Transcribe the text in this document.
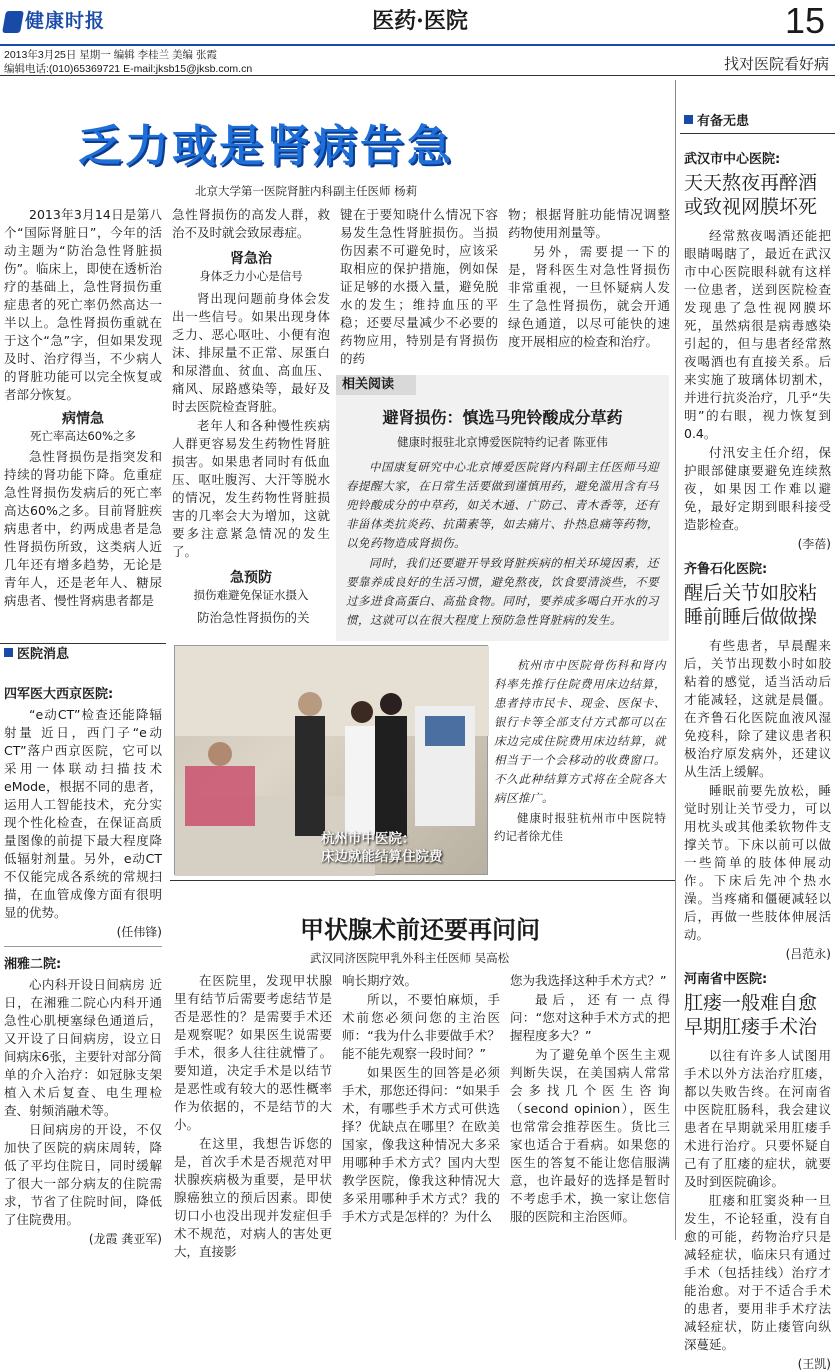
健康时报	医药·医院	15
2013年3月25日 星期一 编辑 李桂兰 美编 张霞
编辑电话:(010)65369721 E-mail:jksb15@jksb.com.cn	找对医院看好病
乏力或是肾病告急
北京大学第一医院肾脏内科副主任医师 杨莉

2013年3月14日是第八个“国际肾脏日”，今年的活动主题为“防治急性肾脏损伤”。临床上，即使在透析治疗的基础上，急性肾损伤重症患者的死亡率仍然高达一半以上。急性肾损伤重就在于这个“急”字，但如果发现及时、治疗得当，不少病人的肾脏功能可以完全恢复或者部分恢复。

病情急
死亡率高达60%之多

急性肾损伤是指突发和持续的肾功能下降。危重症急性肾损伤发病后的死亡率高达60%之多。目前肾脏疾病患者中，约两成患者是急性肾损伤所致，这类病人近几年还有增多趋势，无论是青年人，还是老年人、糖尿病患者、慢性肾病患者都是

急性肾损伤的高发人群，救治不及时就会致尿毒症。

肾急治
身体乏力小心是信号

肾出现问题前身体会发出一些信号。如果出现身体乏力、恶心呕吐、小便有泡沫、排尿量不正常、尿蛋白和尿潜血、贫血、高血压、痛风、尿路感染等，最好及时去医院检查肾脏。

老年人和各种慢性疾病人群更容易发生药物性肾脏损害。如果患者同时有低血压、呕吐腹泻、大汗等脱水的情况，发生药物性肾脏损害的几率会大为增加，这就要多注意紧急情况的发生了。

急预防
损伤难避免保证水摄入

防治急性肾损伤的关

键在于要知晓什么情况下容易发生急性肾脏损伤。当损伤因素不可避免时，应该采取相应的保护措施，例如保证足够的水摄入量，避免脱水的发生；维持血压的平稳；还要尽量减少不必要的药物应用，特别是有肾损伤的药

物；根据肾脏功能情况调整药物使用剂量等。

另外，需要提一下的是，肾科医生对急性肾损伤非常重视，一旦怀疑病人发生了急性肾损伤，就会开通绿色通道，以尽可能快的速度开展相应的检查和治疗。

相关阅读
避肾损伤：慎选马兜铃酸成分草药
健康时报驻北京博爱医院特约记者 陈亚伟

中国康复研究中心北京博爱医院肾内科副主任医师马迎春提醒大家，在日常生活要做到谨慎用药，避免滥用含有马兜铃酸成分的中草药，如关木通、广防己、青木香等，还有非甾体类抗炎药、抗菌素等，如去痛片、扑热息痛等药物，以免药物造成肾损伤。

同时，我们还要避开导致肾脏疾病的相关环境因素，还要靠养成良好的生活习惯，避免熬夜，饮食要清淡些，不要过多进食高蛋白、高盐食物。同时，要养成多喝白开水的习惯，这就可以在很大程度上预防急性肾脏病的发生。

医院消息
四军医大西京医院:

“e动CT”检查还能降辐射量 近日，西门子“e动CT”落户西京医院，它可以采用一体联动扫描技术eMode，根据不同的患者，运用人工智能技术，充分实现个性化检查，在保证高质量图像的前提下最大程度降低辐射剂量。另外，e动CT不仅能完成各系统的常规扫描，在血管成像方面有很明显的优势。

(任伟锋)
湘雅二院:

心内科开设日间病房 近日，在湘雅二院心内科开通急性心肌梗塞绿色通道后，又开设了日间病房，设立日间病床6张，主要针对部分简单的介入治疗：如冠脉支架植入术后复查、电生理检查、射频消融术等。

日间病房的开设，不仅加快了医院的病床周转，降低了平均住院日，同时缓解了很大一部分病友的住院需求，节省了住院时间，降低了住院费用。

(龙霞 龚亚军)
杭州市中医院：
床边就能结算住院费

杭州市中医院骨伤科和肾内科率先推行住院费用床边结算，患者持市民卡、现金、医保卡、银行卡等全部支付方式都可以在床边完成住院费用床边结算，就相当于一个会移动的收费窗口。不久此种结算方式将在全院各大病区推广。

健康时报驻杭州市中医院特约记者徐尤佳

甲状腺术前还要再问问
武汉同济医院甲乳外科主任医师 吴高松

在医院里，发现甲状腺里有结节后需要考虑结节是否是恶性的？是需要手术还是观察呢？如果医生说需要手术，很多人往往就懵了。要知道，决定手术是以结节是恶性或有较大的恶性概率作为依据的，不是结节的大小。

在这里，我想告诉您的是，首次手术是否规范对甲状腺疾病极为重要，是甲状腺癌独立的预后因素。即使切口小也没出现并发症但手术不规范，对病人的害处更大，直接影

响长期疗效。

所以，不要怕麻烦，手术前您必须问您的主治医师：“我为什么非要做手术？能不能先观察一段时间？”

如果医生的回答是必须手术，那您还得问：“如果手术，有哪些手术方式可供选择？优缺点在哪里？在欧美国家，像我这种情况大多采用哪种手术方式？国内大型教学医院，像我这种情况大多采用哪种手术方式？我的手术方式是怎样的？为什么

您为我选择这种手术方式？”

最后，还有一点得问：“您对这种手术方式的把握程度多大？”

为了避免单个医生主观判断失误，在美国病人常常会多找几个医生咨询（second opinion），医生也常常会推荐医生。货比三家也适合于看病。如果您的医生的答复不能让您信服满意，也许最好的选择是暂时不考虑手术，换一家让您信服的医院和主治医师。

有备无患
武汉市中心医院:
天天熬夜再醉酒或致视网膜坏死

经常熬夜喝酒还能把眼睛喝瞎了，最近在武汉市中心医院眼科就有这样一位患者，送到医院检查发现患了急性视网膜坏死，虽然病很是病毒感染引起的，但与患者经常熬夜喝酒也有直接关系。后来实施了玻璃体切割术，并进行抗炎治疗，几乎“失明”的右眼，视力恢复到0.4。

付汛安主任介绍，保护眼部健康要避免连续熬夜，如果因工作难以避免，最好定期到眼科接受造影检查。

(李蓓)
齐鲁石化医院:
醒后关节如胶粘睡前睡后做做操

有些患者，早晨醒来后，关节出现数小时如胶粘着的感觉，适当活动后才能减轻，这就是晨僵。在齐鲁石化医院血液风湿免疫科，除了建议患者积极治疗原发病外，还建议从生活上缓解。

睡眠前要先放松，睡觉时别让关节受力，可以用枕头或其他柔软物件支撑关节。下床以前可以做一些简单的肢体伸展动作。下床后先冲个热水澡。当疼痛和僵硬减轻以后，再做一些肢体伸展活动。

(吕范永)
河南省中医院:
肛瘘一般难自愈早期肛瘘手术治

以往有许多人试图用手术以外方法治疗肛瘘，都以失败告终。在河南省中医院肛肠科，我会建议患者在早期就采用肛瘘手术进行治疗。只要怀疑自己有了肛瘘的症状，就要及时到医院确诊。

肛瘘和肛窦炎种一旦发生，不论轻重，没有自愈的可能，药物治疗只是减轻症状，临床只有通过手术（包括挂线）治疗才能治愈。对于不适合手术的患者，要用非手术疗法减轻症状，防止瘘管向纵深蔓延。

(王凯)
